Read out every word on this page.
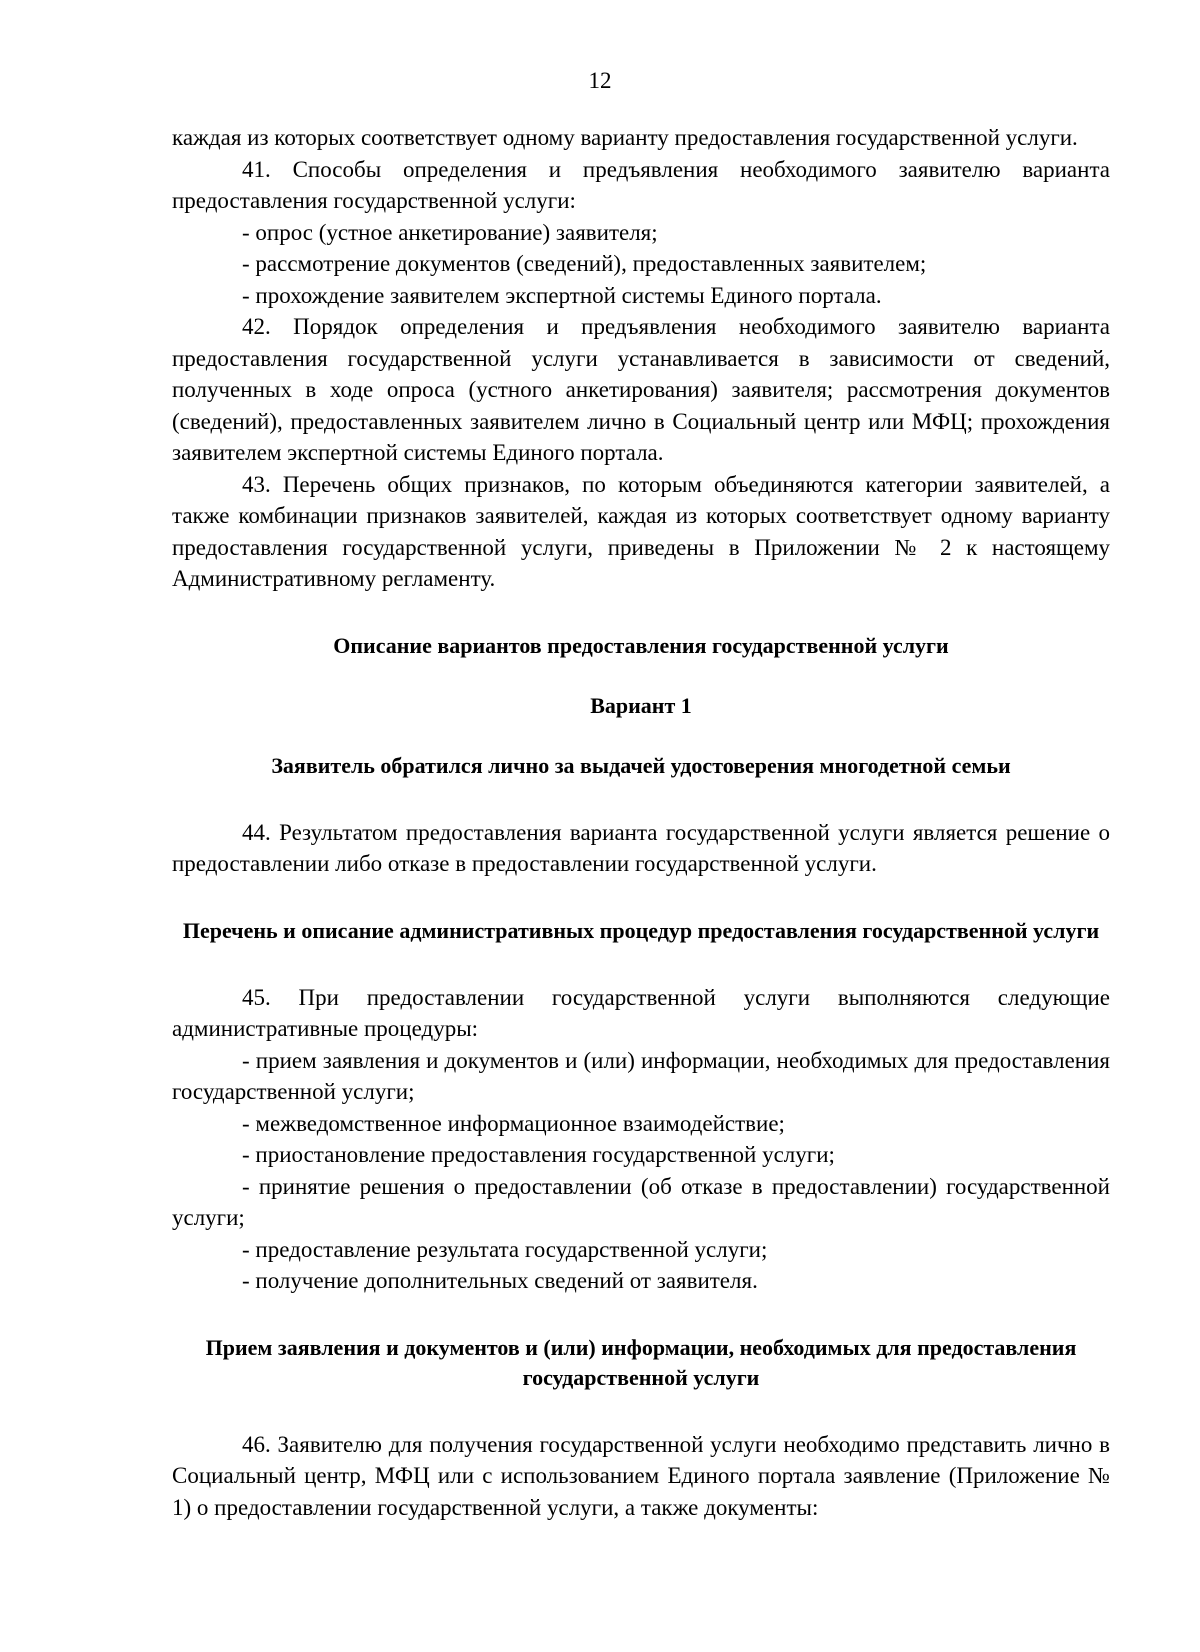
12
каждая из которых соответствует одному варианту предоставления государственной услуги.
41. Способы определения и предъявления необходимого заявителю варианта предоставления государственной услуги:
- опрос (устное анкетирование) заявителя;
- рассмотрение документов (сведений), предоставленных заявителем;
- прохождение заявителем экспертной системы Единого портала.
42. Порядок определения и предъявления необходимого заявителю варианта предоставления государственной услуги устанавливается в зависимости от сведений, полученных в ходе опроса (устного анкетирования) заявителя; рассмотрения документов (сведений), предоставленных заявителем лично в Социальный центр или МФЦ; прохождения заявителем экспертной системы Единого портала.
43. Перечень общих признаков, по которым объединяются категории заявителей, а также комбинации признаков заявителей, каждая из которых соответствует одному варианту предоставления государственной услуги, приведены в Приложении № 2 к настоящему Административному регламенту.
Описание вариантов предоставления государственной услуги
Вариант 1
Заявитель обратился лично за выдачей удостоверения многодетной семьи
44. Результатом предоставления варианта государственной услуги является решение о предоставлении либо отказе в предоставлении государственной услуги.
Перечень и описание административных процедур предоставления государственной услуги
45. При предоставлении государственной услуги выполняются следующие административные процедуры:
- прием заявления и документов и (или) информации, необходимых для предоставления государственной услуги;
- межведомственное информационное взаимодействие;
- приостановление предоставления государственной услуги;
- принятие решения о предоставлении (об отказе в предоставлении) государственной услуги;
- предоставление результата государственной услуги;
- получение дополнительных сведений от заявителя.
Прием заявления и документов и (или) информации, необходимых для предоставления государственной услуги
46. Заявителю для получения государственной услуги необходимо представить лично в Социальный центр, МФЦ или с использованием Единого портала заявление (Приложение № 1) о предоставлении государственной услуги, а также документы:
